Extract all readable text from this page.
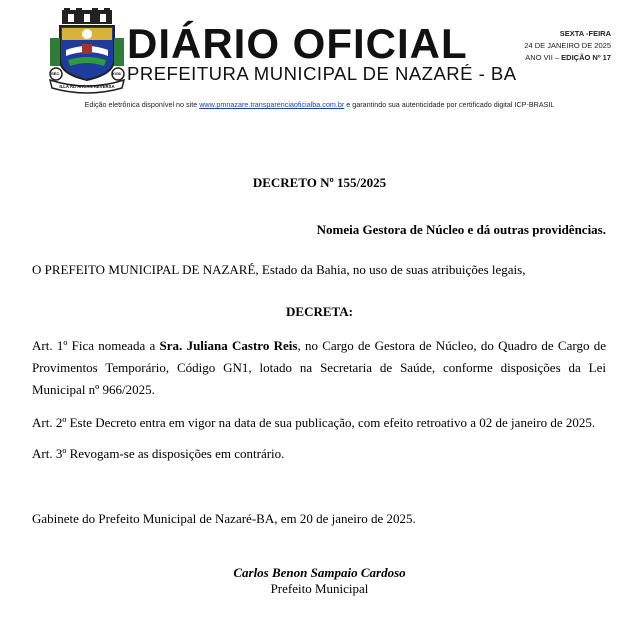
SÉC	XVIII
ILLA AD ARCAN REVERSA
DIÁRIO OFICIAL
PREFEITURA MUNICIPAL DE NAZARÉ - BA
SEXTA -FEIRA
24 DE JANEIRO DE 2025
ANO VII – EDIÇÃO Nº 17
Edição eletrônica disponível no site www.pmnazare.transparenciaoficialba.com.br e garantindo sua autenticidade por certificado digital ICP-BRASIL
DECRETO Nº 155/2025
Nomeia Gestora de Núcleo e dá outras providências.
O PREFEITO MUNICIPAL DE NAZARÉ, Estado da Bahia, no uso de suas atribuições legais,
DECRETA:
Art. 1º Fica nomeada a Sra. Juliana Castro Reis, no Cargo de Gestora de Núcleo, do Quadro de Cargo de Provimentos Temporário, Código GN1, lotado na Secretaria de Saúde, conforme disposições da Lei Municipal nº 966/2025.
Art. 2º Este Decreto entra em vigor na data de sua publicação, com efeito retroativo a 02 de janeiro de 2025.
Art. 3º Revogam-se as disposições em contrário.
Gabinete do Prefeito Municipal de Nazaré-BA, em 20 de janeiro de 2025.
Carlos Benon Sampaio Cardoso
Prefeito Municipal
